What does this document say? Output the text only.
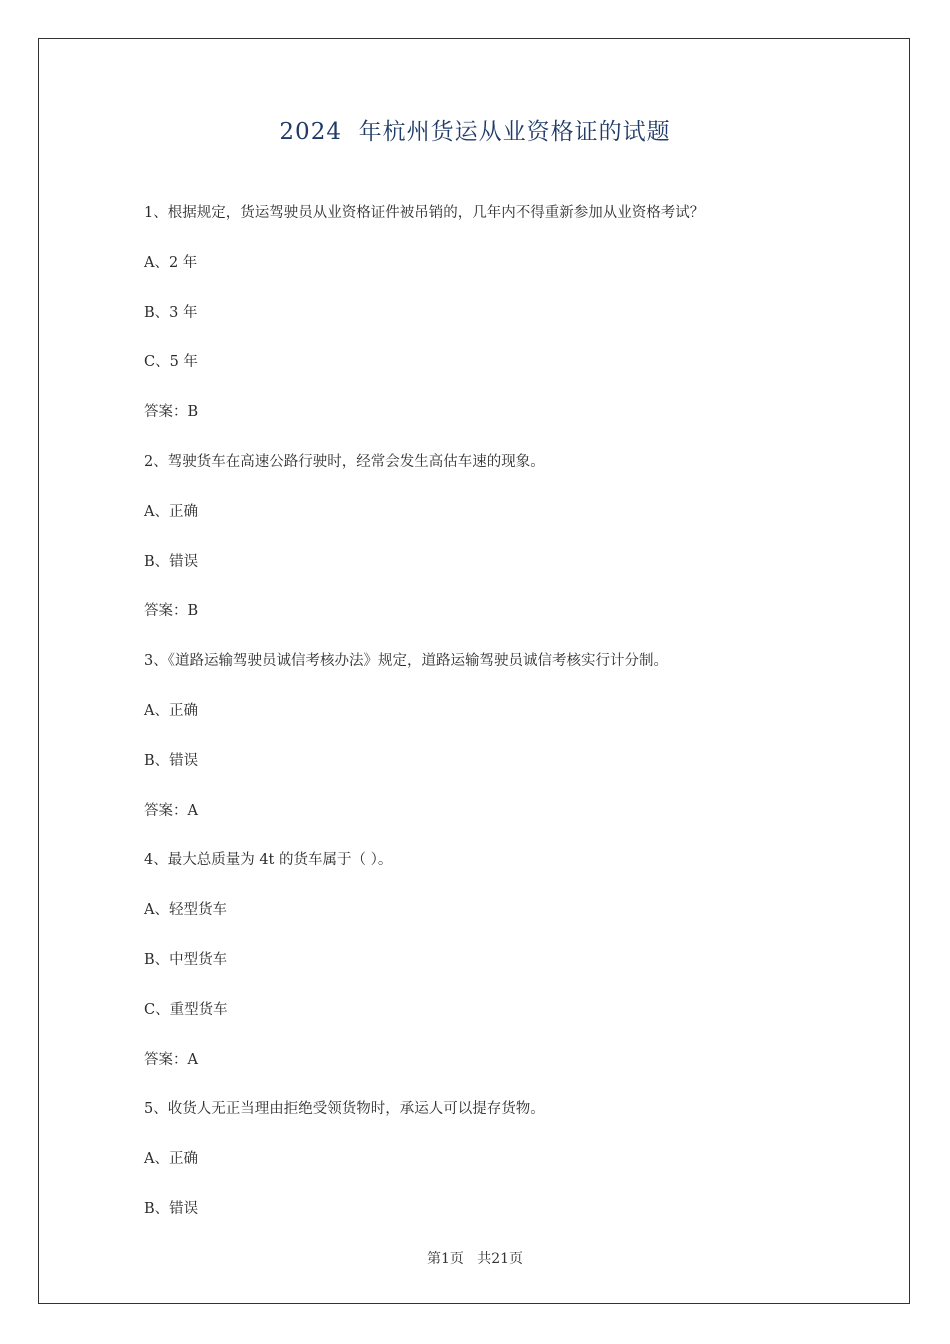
2024  年杭州货运从业资格证的试题
1、根据规定，货运驾驶员从业资格证件被吊销的，几年内不得重新参加从业资格考试？
A、2 年
B、3 年
C、5 年
答案：B
2、驾驶货车在高速公路行驶时，经常会发生高估车速的现象。
A、正确
B、错误
答案：B
3、《道路运输驾驶员诚信考核办法》规定，道路运输驾驶员诚信考核实行计分制。
A、正确
B、错误
答案：A
4、最大总质量为 4t 的货车属于（ ）。
A、轻型货车
B、中型货车
C、重型货车
答案：A
5、收货人无正当理由拒绝受领货物时，承运人可以提存货物。
A、正确
B、错误
第1页   共21页
